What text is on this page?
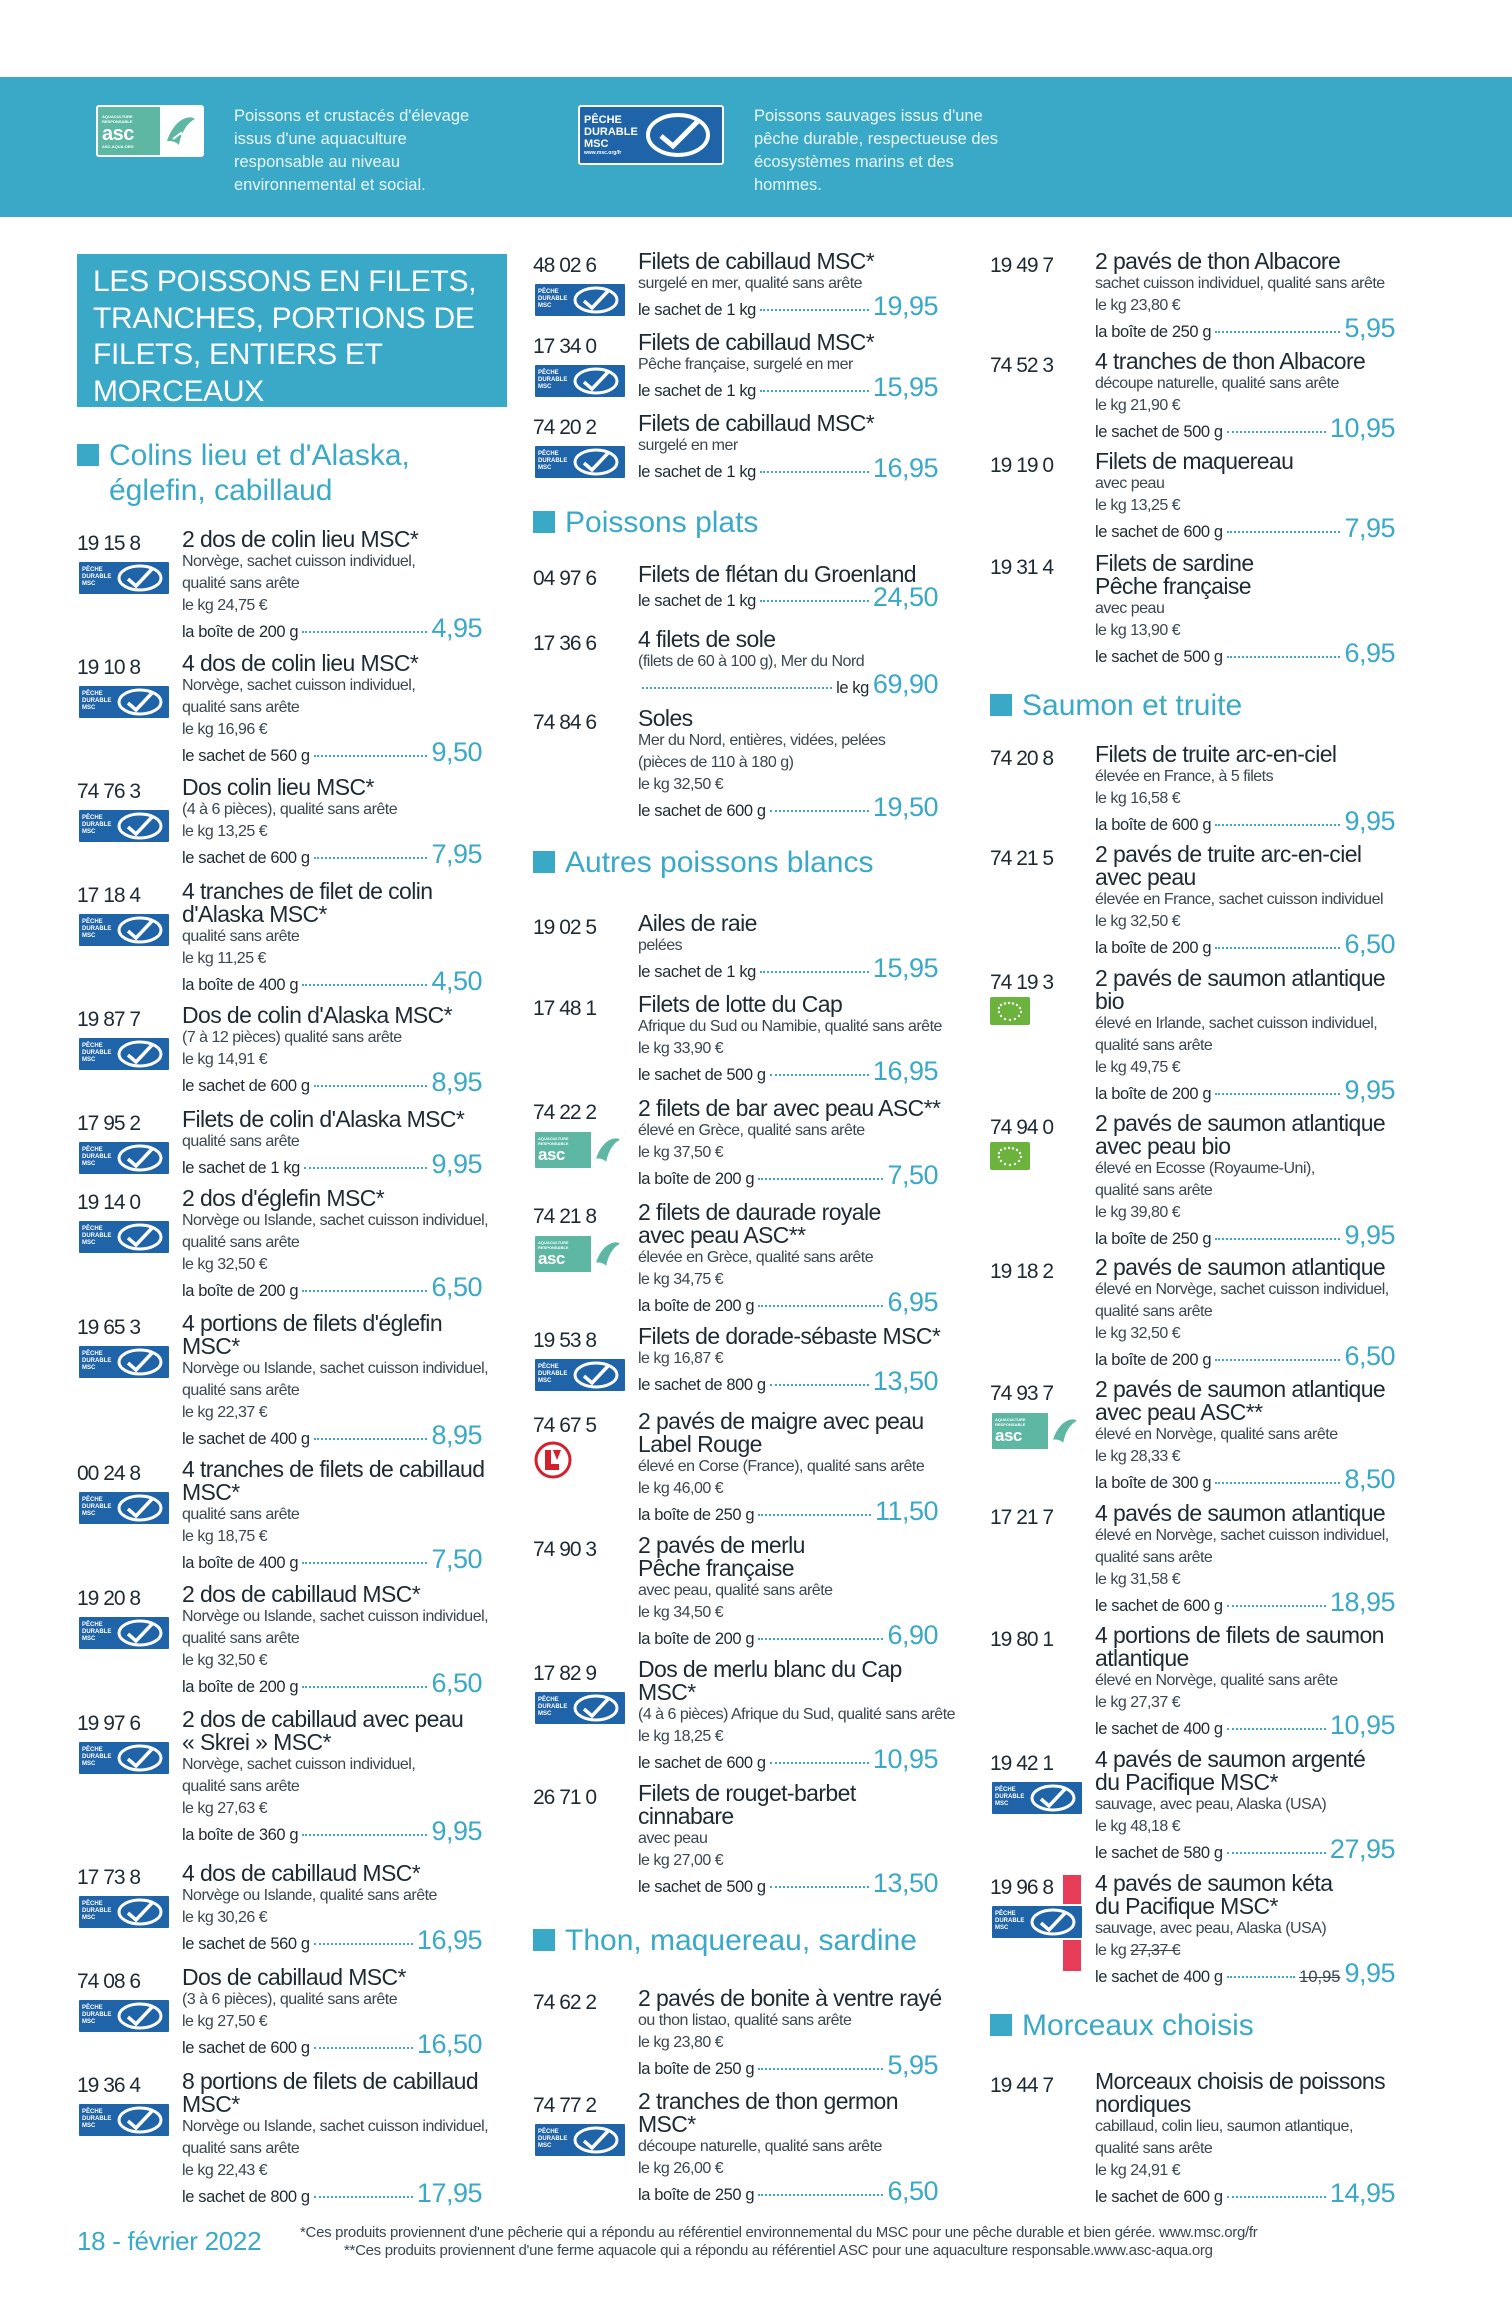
AQUACULTURE RESPONSABLE
asc
ASC-AQUA.ORG
Poissons et crustacés d'élevage issus d'une aquaculture responsable au niveau environnemental et social.
PÊCHE
DURABLE
MSC
www.msc.org/fr
Poissons sauvages issus d'une pêche durable, respectueuse des écosystèmes marins et des hommes.
LES POISSONS EN FILETS, TRANCHES, PORTIONS DE FILETS, ENTIERS ET MORCEAUX
Colins lieu et d'Alaska, églefin, cabillaud
Poissons plats
Autres poissons blancs
Thon, maquereau, sardine
Saumon et truite
Morceaux choisis
19 15 8
PÊCHE
DURABLE
MSC
2 dos de colin lieu MSC*
Norvège, sachet cuisson individuel,
qualité sans arête
le kg 24,75 €
la boîte de 200 g	4,95
19 10 8
PÊCHE
DURABLE
MSC
4 dos de colin lieu MSC*
Norvège, sachet cuisson individuel,
qualité sans arête
le kg 16,96 €
le sachet de 560 g	9,50
74 76 3
PÊCHE
DURABLE
MSC
Dos colin lieu MSC*
(4 à 6 pièces), qualité sans arête
le kg 13,25 €
le sachet de 600 g	7,95
17 18 4
PÊCHE
DURABLE
MSC
4 tranches de filet de colin
d'Alaska MSC*
qualité sans arête
le kg 11,25 €
la boîte de 400 g	4,50
19 87 7
PÊCHE
DURABLE
MSC
Dos de colin d'Alaska MSC*
(7 à 12 pièces) qualité sans arête
le kg 14,91 €
le sachet de 600 g	8,95
17 95 2
PÊCHE
DURABLE
MSC
Filets de colin d'Alaska MSC*
qualité sans arête
le sachet de 1 kg	9,95
19 14 0
PÊCHE
DURABLE
MSC
2 dos d'églefin MSC*
Norvège ou Islande, sachet cuisson individuel,
qualité sans arête
le kg 32,50 €
la boîte de 200 g	6,50
19 65 3
PÊCHE
DURABLE
MSC
4 portions de filets d'églefin
MSC*
Norvège ou Islande, sachet cuisson individuel,
qualité sans arête
le kg 22,37 €
le sachet de 400 g	8,95
00 24 8
PÊCHE
DURABLE
MSC
4 tranches de filets de cabillaud
MSC*
qualité sans arête
le kg 18,75 €
la boîte de 400 g	7,50
19 20 8
PÊCHE
DURABLE
MSC
2 dos de cabillaud MSC*
Norvège ou Islande, sachet cuisson individuel,
qualité sans arête
le kg 32,50 €
la boîte de 200 g	6,50
19 97 6
PÊCHE
DURABLE
MSC
2 dos de cabillaud avec peau
« Skrei » MSC*
Norvège, sachet cuisson individuel,
qualité sans arête
le kg 27,63 €
la boîte de 360 g	9,95
17 73 8
PÊCHE
DURABLE
MSC
4 dos de cabillaud MSC*
Norvège ou Islande, qualité sans arête
le kg 30,26 €
le sachet de 560 g	16,95
74 08 6
PÊCHE
DURABLE
MSC
Dos de cabillaud MSC*
(3 à 6 pièces), qualité sans arête
le kg 27,50 €
le sachet de 600 g	16,50
19 36 4
PÊCHE
DURABLE
MSC
8 portions de filets de cabillaud
MSC*
Norvège ou Islande, sachet cuisson individuel,
qualité sans arête
le kg 22,43 €
le sachet de 800 g	17,95
48 02 6
PÊCHE
DURABLE
MSC
Filets de cabillaud MSC*
surgelé en mer, qualité sans arête
le sachet de 1 kg	19,95
17 34 0
PÊCHE
DURABLE
MSC
Filets de cabillaud MSC*
Pêche française, surgelé en mer
le sachet de 1 kg	15,95
74 20 2
PÊCHE
DURABLE
MSC
Filets de cabillaud MSC*
surgelé en mer
le sachet de 1 kg	16,95
04 97 6 Filets de flétan du Groenland
le sachet de 1 kg	24,50
17 36 6 4 filets de sole
(filets de 60 à 100 g), Mer du Nord
le kg 69,90
74 84 6 Soles
Mer du Nord, entières, vidées, pelées
(pièces de 110 à 180 g)
le kg 32,50 €
le sachet de 600 g	19,50
19 02 5 Ailes de raie
pelées
le sachet de 1 kg	15,95
17 48 1 Filets de lotte du Cap
Afrique du Sud ou Namibie, qualité sans arête
le kg 33,90 €
le sachet de 500 g	16,95
74 22 2
AQUACULTURE RESPONSABLE
asc
2 filets de bar avec peau ASC**
élevé en Grèce, qualité sans arête
le kg 37,50 €
la boîte de 200 g	7,50
74 21 8
AQUACULTURE RESPONSABLE
asc
2 filets de daurade royale
avec peau ASC**
élevée en Grèce, qualité sans arête
le kg 34,75 €
la boîte de 200 g	6,95
19 53 8
PÊCHE
DURABLE
MSC
Filets de dorade-sébaste MSC*
le kg 16,87 €
le sachet de 800 g	13,50
74 67 5 2 pavés de maigre avec peau
Label Rouge
élevé en Corse (France), qualité sans arête
le kg 46,00 €
la boîte de 250 g	11,50
74 90 3 2 pavés de merlu
Pêche française
avec peau, qualité sans arête
le kg 34,50 €
la boîte de 200 g	6,90
17 82 9
PÊCHE
DURABLE
MSC
Dos de merlu blanc du Cap
MSC*
(4 à 6 pièces) Afrique du Sud, qualité sans arête
le kg 18,25 €
le sachet de 600 g	10,95
26 71 0 Filets de rouget-barbet
cinnabare
avec peau
le kg 27,00 €
le sachet de 500 g	13,50
74 62 2 2 pavés de bonite à ventre rayé
ou thon listao, qualité sans arête
le kg 23,80 €
la boîte de 250 g	5,95
74 77 2
PÊCHE
DURABLE
MSC
2 tranches de thon germon
MSC*
découpe naturelle, qualité sans arête
le kg 26,00 €
la boîte de 250 g	6,50
19 49 7 2 pavés de thon Albacore
sachet cuisson individuel, qualité sans arête
le kg 23,80 €
la boîte de 250 g	5,95
74 52 3 4 tranches de thon Albacore
découpe naturelle, qualité sans arête
le kg 21,90 €
le sachet de 500 g	10,95
19 19 0 Filets de maquereau
avec peau
le kg 13,25 €
le sachet de 600 g	7,95
19 31 4 Filets de sardine
Pêche française
avec peau
le kg 13,90 €
le sachet de 500 g	6,95
74 20 8 Filets de truite arc-en-ciel
élevée en France, à 5 filets
le kg 16,58 €
la boîte de 600 g	9,95
74 21 5 2 pavés de truite arc-en-ciel
avec peau
élevée en France, sachet cuisson individuel
le kg 32,50 €
la boîte de 200 g	6,50
74 19 3 2 pavés de saumon atlantique
bio
élevé en Irlande, sachet cuisson individuel,
qualité sans arête
le kg 49,75 €
la boîte de 200 g	9,95
74 94 0 2 pavés de saumon atlantique
avec peau bio
élevé en Ecosse (Royaume-Uni),
qualité sans arête
le kg 39,80 €
la boîte de 250 g	9,95
19 18 2 2 pavés de saumon atlantique
élevé en Norvège, sachet cuisson individuel,
qualité sans arête
le kg 32,50 €
la boîte de 200 g	6,50
74 93 7
AQUACULTURE RESPONSABLE
asc
2 pavés de saumon atlantique
avec peau ASC**
élevé en Norvège, qualité sans arête
le kg 28,33 €
la boîte de 300 g	8,50
17 21 7 4 pavés de saumon atlantique
élevé en Norvège, sachet cuisson individuel,
qualité sans arête
le kg 31,58 €
le sachet de 600 g	18,95
19 80 1 4 portions de filets de saumon
atlantique
élevé en Norvège, qualité sans arête
le kg 27,37 €
le sachet de 400 g	10,95
19 42 1
PÊCHE
DURABLE
MSC
4 pavés de saumon argenté
du Pacifique MSC*
sauvage, avec peau, Alaska (USA)
le kg 48,18 €
le sachet de 580 g	27,95
19 96 8
PÊCHE
DURABLE
MSC
4 pavés de saumon kéta
du Pacifique MSC*
sauvage, avec peau, Alaska (USA)
le kg 27,37 €
le sachet de 400 g	10,95 9,95
19 44 7 Morceaux choisis de poissons
nordiques
cabillaud, colin lieu, saumon atlantique,
qualité sans arête
le kg 24,91 €
le sachet de 600 g	14,95
18 - février 2022	*Ces produits proviennent d'une pêcherie qui a répondu au référentiel environnemental du MSC pour une pêche durable et bien gérée. www.msc.org/fr
**Ces produits proviennent d'une ferme aquacole qui a répondu au référentiel ASC pour une aquaculture responsable.www.asc-aqua.org
